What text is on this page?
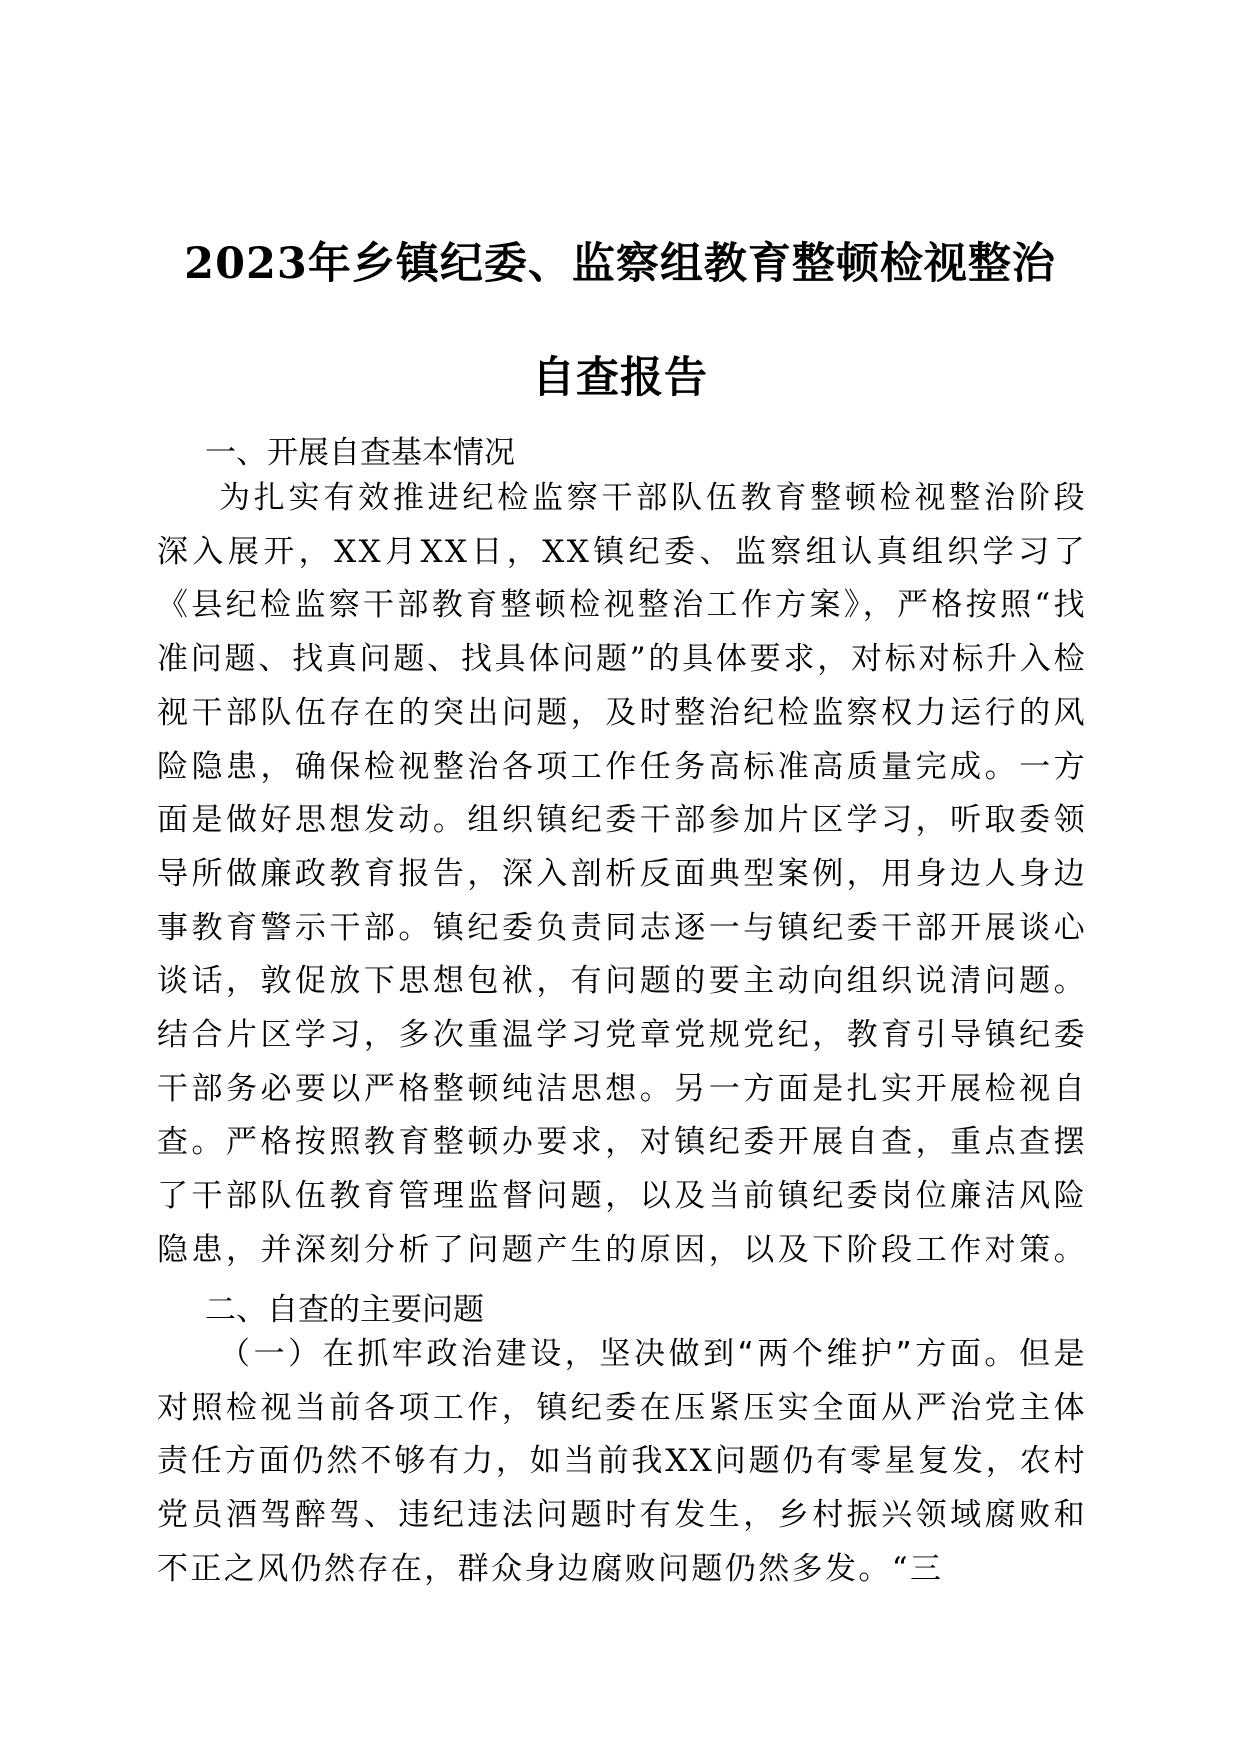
2023年乡镇纪委、监察组教育整顿检视整治
自查报告
一、开展自查基本情况
为扎实有效推进纪检监察干部队伍教育整顿检视整治阶段深入展开，XX月XX日，XX镇纪委、监察组认真组织学习了《县纪检监察干部教育整顿检视整治工作方案》，严格按照“找准问题、找真问题、找具体问题”的具体要求，对标对标升入检视干部队伍存在的突出问题，及时整治纪检监察权力运行的风险隐患，确保检视整治各项工作任务高标准高质量完成。一方面是做好思想发动。组织镇纪委干部参加片区学习，听取委领导所做廉政教育报告，深入剖析反面典型案例，用身边人身边事教育警示干部。镇纪委负责同志逐一与镇纪委干部开展谈心谈话，敦促放下思想包袱，有问题的要主动向组织说清问题。结合片区学习，多次重温学习党章党规党纪，教育引导镇纪委干部务必要以严格整顿纯洁思想。另一方面是扎实开展检视自查。严格按照教育整顿办要求，对镇纪委开展自查，重点查摆了干部队伍教育管理监督问题，以及当前镇纪委岗位廉洁风险隐患，并深刻分析了问题产生的原因，以及下阶段工作对策。
二、自查的主要问题
（一）在抓牢政治建设，坚决做到“两个维护”方面。但是对照检视当前各项工作，镇纪委在压紧压实全面从严治党主体责任方面仍然不够有力，如当前我XX问题仍有零星复发，农村党员酒驾醉驾、违纪违法问题时有发生，乡村振兴领域腐败和不正之风仍然存在，群众身边腐败问题仍然多发。“三
